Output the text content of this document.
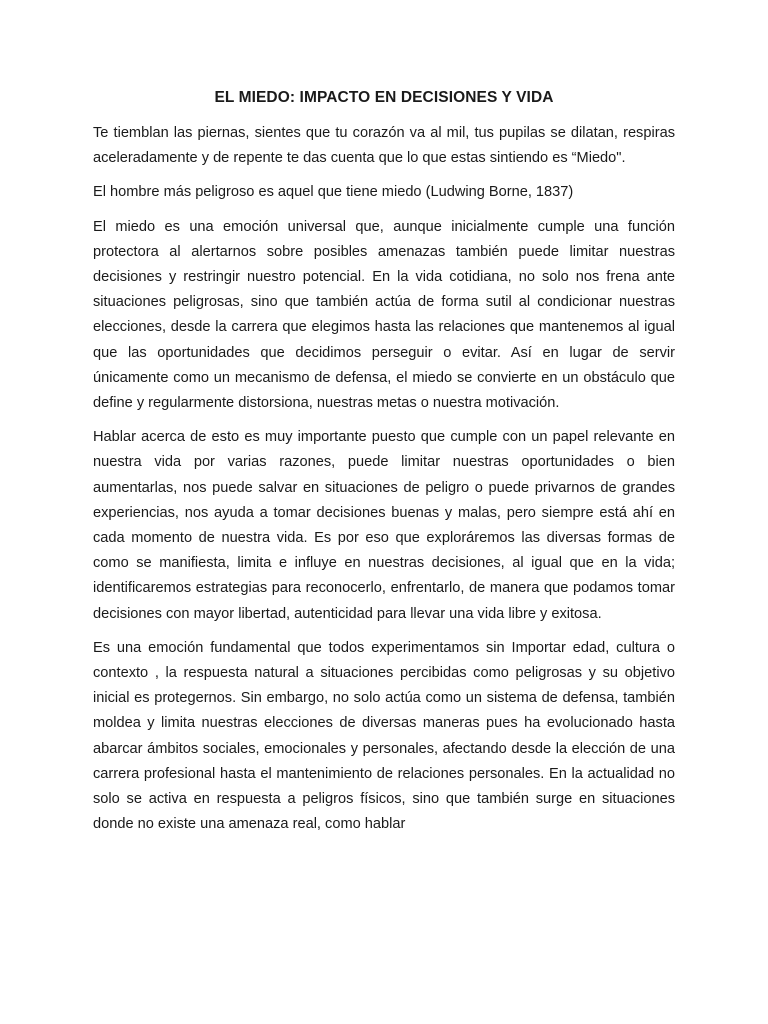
EL MIEDO: IMPACTO EN DECISIONES Y VIDA

Te tiemblan las piernas, sientes que tu corazón va al mil, tus pupilas se dilatan, respiras aceleradamente y de repente te das cuenta que lo que estas sintiendo es “Miedo".

El hombre más peligroso es aquel que tiene miedo (Ludwing Borne, 1837)

El miedo es una emoción universal que, aunque inicialmente cumple una función protectora al alertarnos sobre posibles amenazas también puede limitar nuestras decisiones y restringir nuestro potencial. En la vida cotidiana, no solo nos frena ante situaciones peligrosas, sino que también actúa de forma sutil al condicionar nuestras elecciones, desde la carrera que elegimos hasta las relaciones que mantenemos al igual que las oportunidades que decidimos perseguir o evitar. Así en lugar de servir únicamente como un mecanismo de defensa, el miedo se convierte en un obstáculo que define y regularmente distorsiona, nuestras metas o nuestra motivación.

Hablar acerca de esto es muy importante puesto que cumple con un papel relevante en nuestra vida por varias razones, puede limitar nuestras oportunidades o bien aumentarlas, nos puede salvar en situaciones de peligro o puede privarnos de grandes experiencias, nos ayuda a tomar decisiones buenas y malas, pero siempre está ahí en cada momento de nuestra vida. Es por eso que exploráremos las diversas formas de como se manifiesta, limita e influye en nuestras decisiones, al igual que en la vida; identificaremos estrategias para reconocerlo, enfrentarlo, de manera que podamos tomar decisiones con mayor libertad, autenticidad para llevar una vida libre y exitosa.

Es una emoción fundamental que todos experimentamos sin Importar edad, cultura o contexto , la respuesta natural a situaciones percibidas como peligrosas y su objetivo inicial es protegernos. Sin embargo, no solo actúa como un sistema de defensa, también moldea y limita nuestras elecciones de diversas maneras pues ha evolucionado hasta abarcar ámbitos sociales, emocionales y personales, afectando desde la elección de una carrera profesional hasta el mantenimiento de relaciones personales. En la actualidad no solo se activa en respuesta a peligros físicos, sino que también surge en situaciones donde no existe una amenaza real, como hablar
